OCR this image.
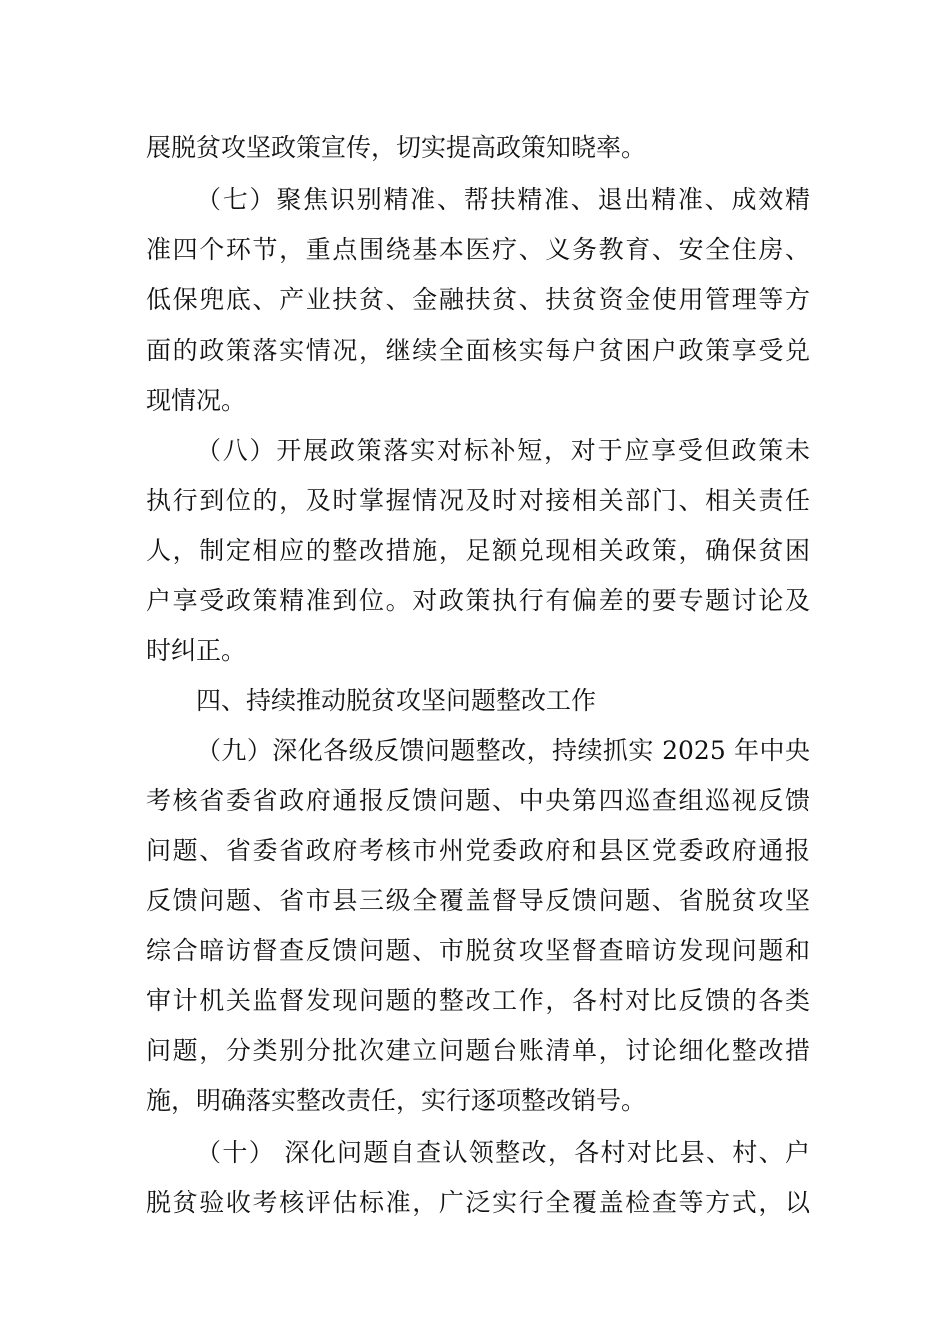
展脱贫攻坚政策宣传，切实提高政策知晓率。
（七）聚焦识别精准、帮扶精准、退出精准、成效精
准四个环节，重点围绕基本医疗、义务教育、安全住房、
低保兜底、产业扶贫、金融扶贫、扶贫资金使用管理等方
面的政策落实情况，继续全面核实每户贫困户政策享受兑
现情况。
（八）开展政策落实对标补短，对于应享受但政策未
执行到位的，及时掌握情况及时对接相关部门、相关责任
人，制定相应的整改措施，足额兑现相关政策，确保贫困
户享受政策精准到位。对政策执行有偏差的要专题讨论及
时纠正。
四、持续推动脱贫攻坚问题整改工作
（九）深化各级反馈问题整改，持续抓实 2025 年中央
考核省委省政府通报反馈问题、中央第四巡查组巡视反馈
问题、省委省政府考核市州党委政府和县区党委政府通报
反馈问题、省市县三级全覆盖督导反馈问题、省脱贫攻坚
综合暗访督查反馈问题、市脱贫攻坚督查暗访发现问题和
审计机关监督发现问题的整改工作，各村对比反馈的各类
问题，分类别分批次建立问题台账清单，讨论细化整改措
施，明确落实整改责任，实行逐项整改销号。
（十） 深化问题自查认领整改，各村对比县、村、户
脱贫验收考核评估标准，广泛实行全覆盖检查等方式，以
